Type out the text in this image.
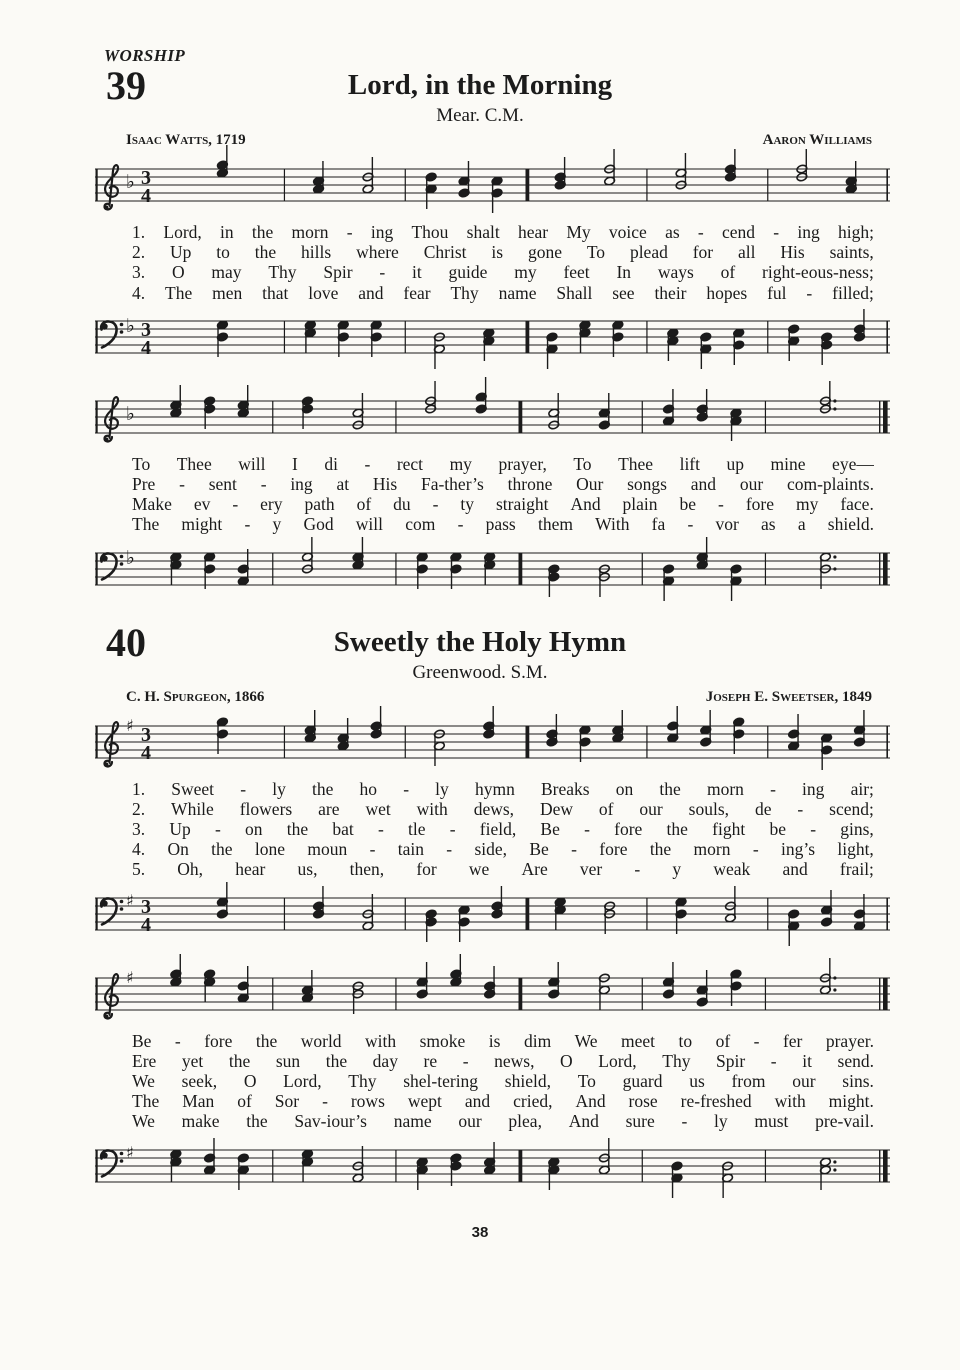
WORSHIP
39	Lord, in the Morning
Mear. C.M.
Isaac Watts, 1719	Aaron Williams
♭ 3
4
1. Lord, in the morn - ing Thou shalt hear My voice as - cend - ing high;
2. Up to the hills where Christ is gone To plead for all His saints,
3. O may Thy Spir - it guide my feet In ways of right-eous-ness;
4. The men that love and fear Thy name Shall see their hopes ful - filled;
♭ 3
4
♭
To Thee will I di - rect my prayer, To Thee lift up mine eye—
Pre - sent - ing at His Fa-ther’s throne Our songs and our com-plaints.
Make ev - ery path of du - ty straight And plain be - fore my face.
The might - y God will com - pass them With fa - vor as a shield.
♭
40	Sweetly the Holy Hymn
Greenwood. S.M.
C. H. Spurgeon, 1866	Joseph E. Sweetser, 1849
♯ 3
4
1. Sweet - ly the ho - ly hymn Breaks on the morn - ing air;
2. While flowers are wet with dews, Dew of our souls, de - scend;
3. Up - on the bat - tle - field, Be - fore the fight be - gins,
4. On the lone moun - tain - side, Be - fore the morn - ing’s light,
5. Oh, hear us, then, for we Are ver - y weak and frail;
♯ 3
4
♯
Be - fore the world with smoke is dim We meet to of - fer prayer.
Ere yet the sun the day re - news, O Lord, Thy Spir - it send.
We seek, O Lord, Thy shel-tering shield, To guard us from our sins.
The Man of Sor - rows wept and cried, And rose re-freshed with might.
We make the Sav-iour’s name our plea, And sure - ly must pre-vail.
♯
38
